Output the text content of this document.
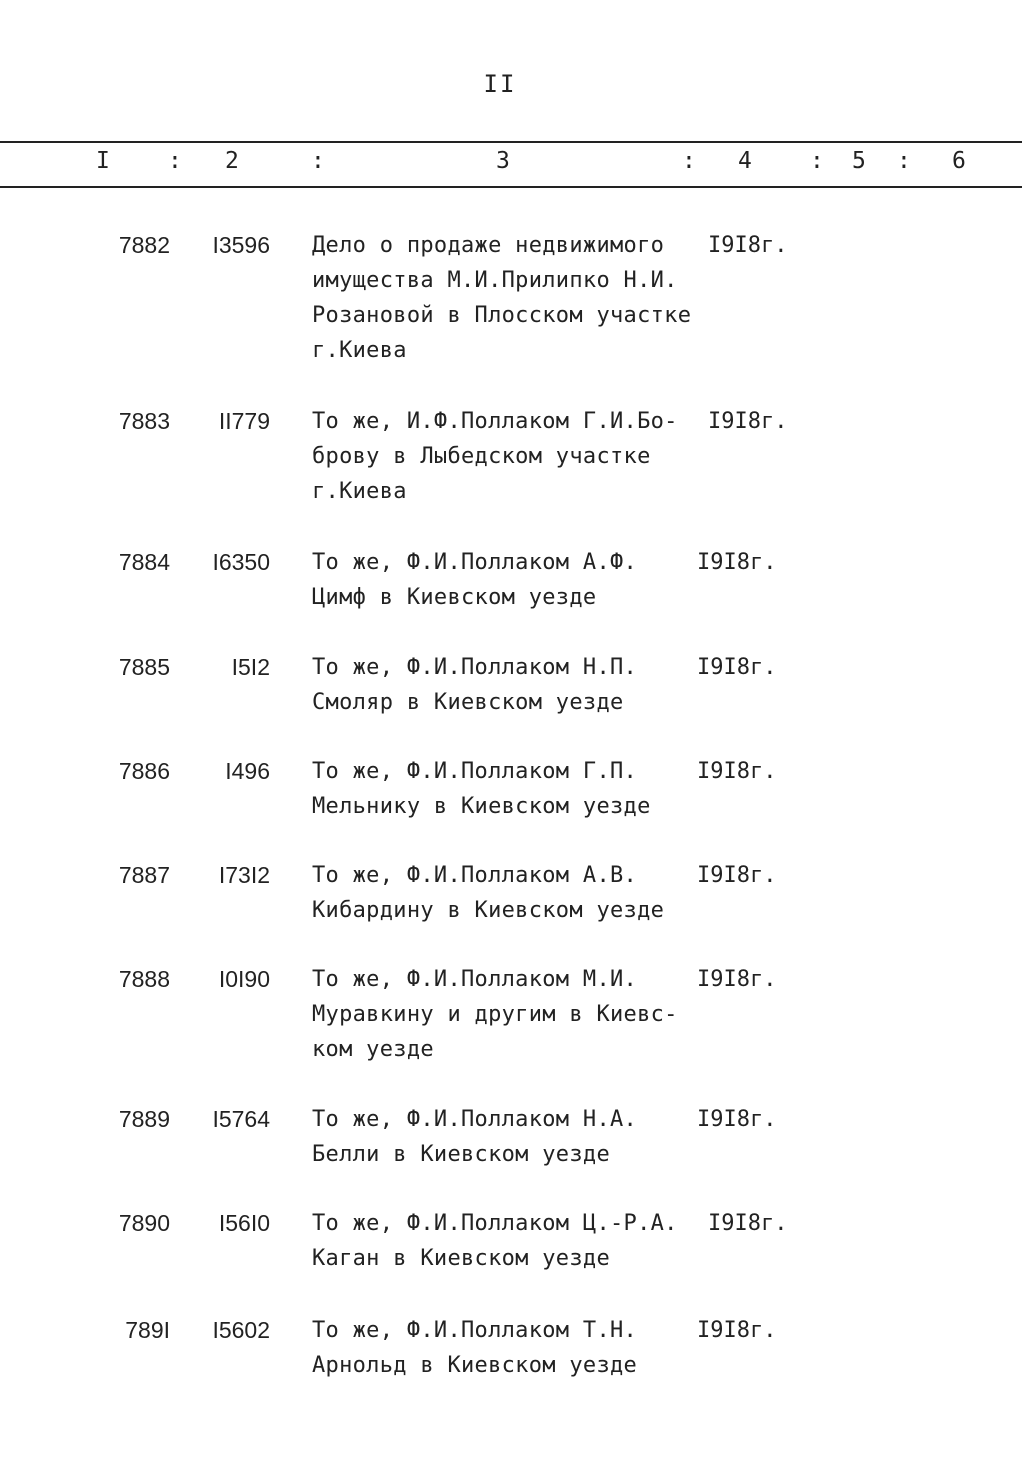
II
I	: 2	:	3	: 4	: 5 : 6
7882	I3596 Дело о продаже недвижимого
имущества М.И.Прилипко Н.И.
Розановой в Плосском участке
г.Киева
I9I8г.
7883	II779 То же, И.Ф.Поллаком Г.И.Бо-
брову в Лыбедском участке
г.Киева
I9I8г.
7884	I6350 То же, Ф.И.Поллаком А.Ф.
Цимф в Киевском уезде
I9I8г.
7885	I5I2 То же, Ф.И.Поллаком Н.П.
Смоляр в Киевском уезде
I9I8г.
7886	I496 То же, Ф.И.Поллаком Г.П.
Мельнику в Киевском уезде
I9I8г.
7887	I73I2 То же, Ф.И.Поллаком А.В.
Кибардину в Киевском уезде
I9I8г.
7888	I0I90 То же, Ф.И.Поллаком М.И.
Муравкину и другим в Киевс-
ком уезде
I9I8г.
7889	I5764 То же, Ф.И.Поллаком Н.А.
Белли в Киевском уезде
I9I8г.
7890	I56I0 То же, Ф.И.Поллаком Ц.-Р.А.
Каган в Киевском уезде
I9I8г.
789I	I5602 То же, Ф.И.Поллаком Т.Н.
Арнольд в Киевском уезде
I9I8г.
